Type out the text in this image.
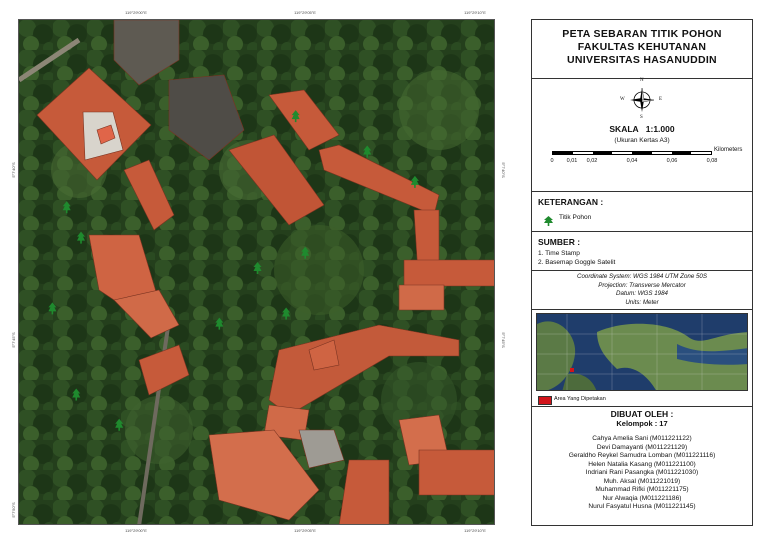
119°29'00"E	119°29'05"E	119°29'10"E
119°29'00"E	119°29'05"E	119°29'10"E
5°7'40"S
5°7'45"S
5°7'50"S
5°7'40"S
5°7'45"S
PETA SEBARAN TITIK POHON
FAKULTAS KEHUTANAN
UNIVERSITAS HASANUDDIN
N
S
E
W
SKALA 1:1.000
(Ukuran Kertas A3)
Kilometers
0 0,01 0,02	0,04	0,06	0,08
KETERANGAN :
Titik Pohon
SUMBER :
1. Time Stamp
2. Basemap Goggle Satelit
Coordinate System: WGS 1984 UTM Zone 50S
Projection: Transverse Mercator
Datum: WGS 1984
Units: Meter
Area Yang Dipetakan
DIBUAT OLEH :
Kelompok : 17
Cahya Amelia Sani (M011221122)
Devi Damayanti (M011221129)
Geraldho Reykel Samudra Lomban (M011221116)
Helen Natalia Kasang (M011221100)
Indriani Rani Pasangka (M011221030)
Muh. Aksal (M011221019)
Muhammad Rifki (M011221175)
Nur Alwaqia (M011221186)
Nurul Fasyatul Husna (M011221145)
